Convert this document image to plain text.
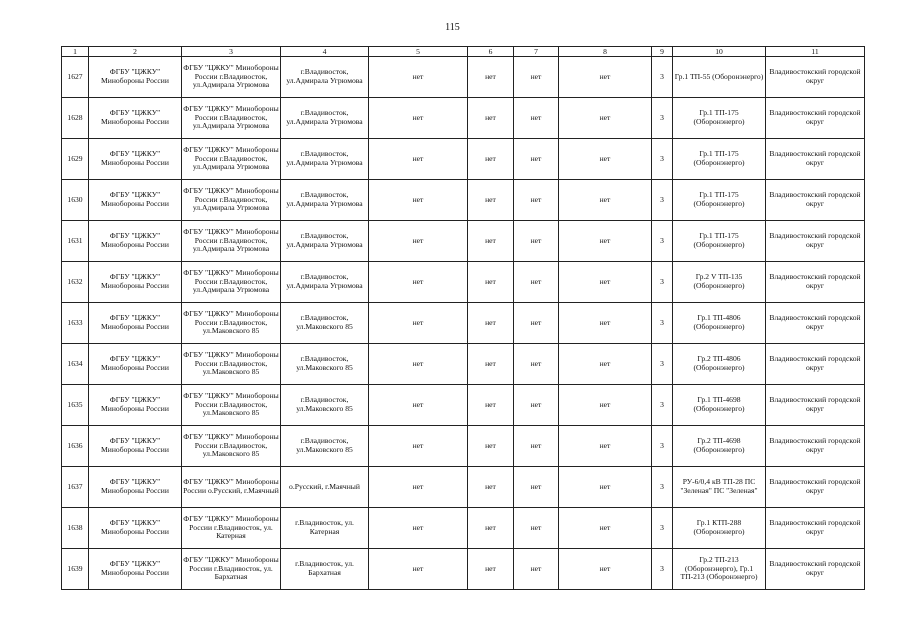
115
1	2	3	4	5	6	7	8	9	10	11
1627	ФГБУ "ЦЖКУ" Минобороны России	ФГБУ "ЦЖКУ" Минобороны России г.Владивосток, ул.Адмирала Угрюмова	г.Владивосток, ул.Адмирала Угрюмова	нет	нет	нет	нет	3	Гр.1 ТП-55 (Оборонэнерго)	Владивостокский городской округ
1628	ФГБУ "ЦЖКУ" Минобороны России	ФГБУ "ЦЖКУ" Минобороны России г.Владивосток, ул.Адмирала Угрюмова	г.Владивосток, ул.Адмирала Угрюмова	нет	нет	нет	нет	3	Гр.1 ТП-175 (Оборонэнерго)	Владивостокский городской округ
1629	ФГБУ "ЦЖКУ" Минобороны России	ФГБУ "ЦЖКУ" Минобороны России г.Владивосток, ул.Адмирала Угрюмова	г.Владивосток, ул.Адмирала Угрюмова	нет	нет	нет	нет	3	Гр.1 ТП-175 (Оборонэнерго)	Владивостокский городской округ
1630	ФГБУ "ЦЖКУ" Минобороны России	ФГБУ "ЦЖКУ" Минобороны России г.Владивосток, ул.Адмирала Угрюмова	г.Владивосток, ул.Адмирала Угрюмова	нет	нет	нет	нет	3	Гр.1 ТП-175 (Оборонэнерго)	Владивостокский городской округ
1631	ФГБУ "ЦЖКУ" Минобороны России	ФГБУ "ЦЖКУ" Минобороны России г.Владивосток, ул.Адмирала Угрюмова	г.Владивосток, ул.Адмирала Угрюмова	нет	нет	нет	нет	3	Гр.1 ТП-175 (Оборонэнерго)	Владивостокский городской округ
1632	ФГБУ "ЦЖКУ" Минобороны России	ФГБУ "ЦЖКУ" Минобороны России г.Владивосток, ул.Адмирала Угрюмова	г.Владивосток, ул.Адмирала Угрюмова	нет	нет	нет	нет	3	Гр.2 V ТП-135 (Оборонэнерго)	Владивостокский городской округ
1633	ФГБУ "ЦЖКУ" Минобороны России	ФГБУ "ЦЖКУ" Минобороны России г.Владивосток, ул.Маковского 85	г.Владивосток, ул.Маковского 85	нет	нет	нет	нет	3	Гр.1 ТП-4806 (Оборонэнерго)	Владивостокский городской округ
1634	ФГБУ "ЦЖКУ" Минобороны России	ФГБУ "ЦЖКУ" Минобороны России г.Владивосток, ул.Маковского 85	г.Владивосток, ул.Маковского 85	нет	нет	нет	нет	3	Гр.2 ТП-4806 (Оборонэнерго)	Владивостокский городской округ
1635	ФГБУ "ЦЖКУ" Минобороны России	ФГБУ "ЦЖКУ" Минобороны России г.Владивосток, ул.Маковского 85	г.Владивосток, ул.Маковского 85	нет	нет	нет	нет	3	Гр.1 ТП-4698 (Оборонэнерго)	Владивостокский городской округ
1636	ФГБУ "ЦЖКУ" Минобороны России	ФГБУ "ЦЖКУ" Минобороны России г.Владивосток, ул.Маковского 85	г.Владивосток, ул.Маковского 85	нет	нет	нет	нет	3	Гр.2 ТП-4698 (Оборонэнерго)	Владивостокский городской округ
1637	ФГБУ "ЦЖКУ" Минобороны России	ФГБУ "ЦЖКУ" Минобороны России о.Русский, г.Маячный	о.Русский, г.Маячный	нет	нет	нет	нет	3	РУ-6/0,4 кВ ТП-28 ПС "Зеленая" ПС "Зеленая"	Владивостокский городской округ
1638	ФГБУ "ЦЖКУ" Минобороны России	ФГБУ "ЦЖКУ" Минобороны России г.Владивосток, ул. Катерная	г.Владивосток, ул. Катерная	нет	нет	нет	нет	3	Гр.1 КТП-288 (Оборонэнерго)	Владивостокский городской округ
1639	ФГБУ "ЦЖКУ" Минобороны России	ФГБУ "ЦЖКУ" Минобороны России г.Владивосток, ул. Бархатная	г.Владивосток, ул. Бархатная	нет	нет	нет	нет	3	Гр.2 ТП-213 (Оборонэнерго), Гр.1 ТП-213 (Оборонэнерго)	Владивостокский городской округ
